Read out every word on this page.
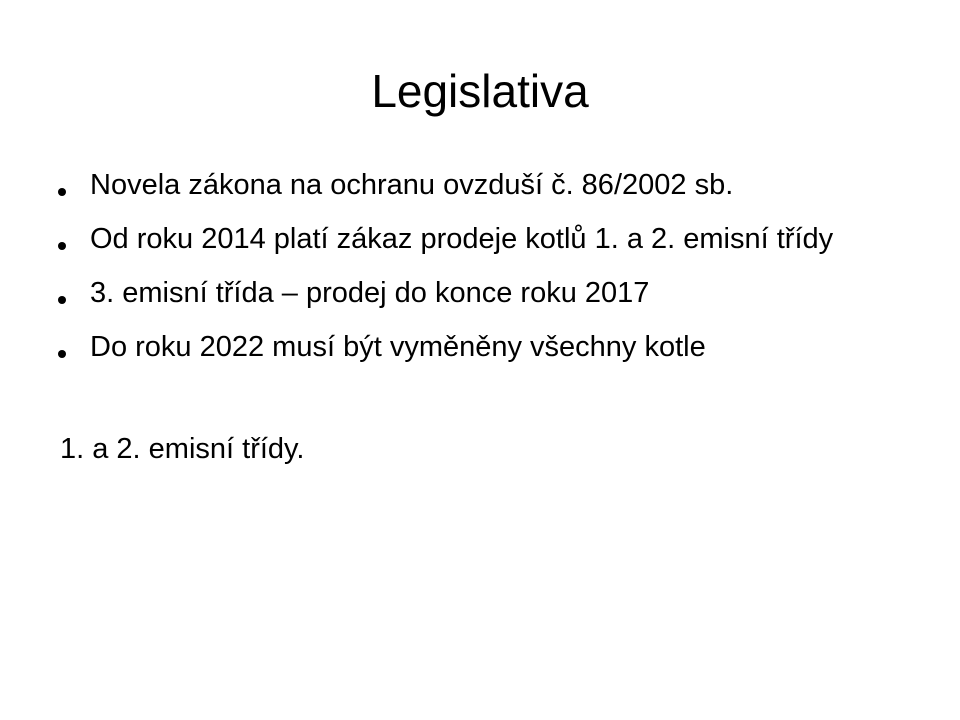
Legislativa
Novela zákona na ochranu ovzduší č. 86/2002 sb.
Od roku 2014 platí zákaz prodeje kotlů 1. a 2. emisní třídy
3. emisní třída – prodej do konce roku 2017
Do roku 2022 musí být vyměněny všechny kotle

1. a 2. emisní třídy.
